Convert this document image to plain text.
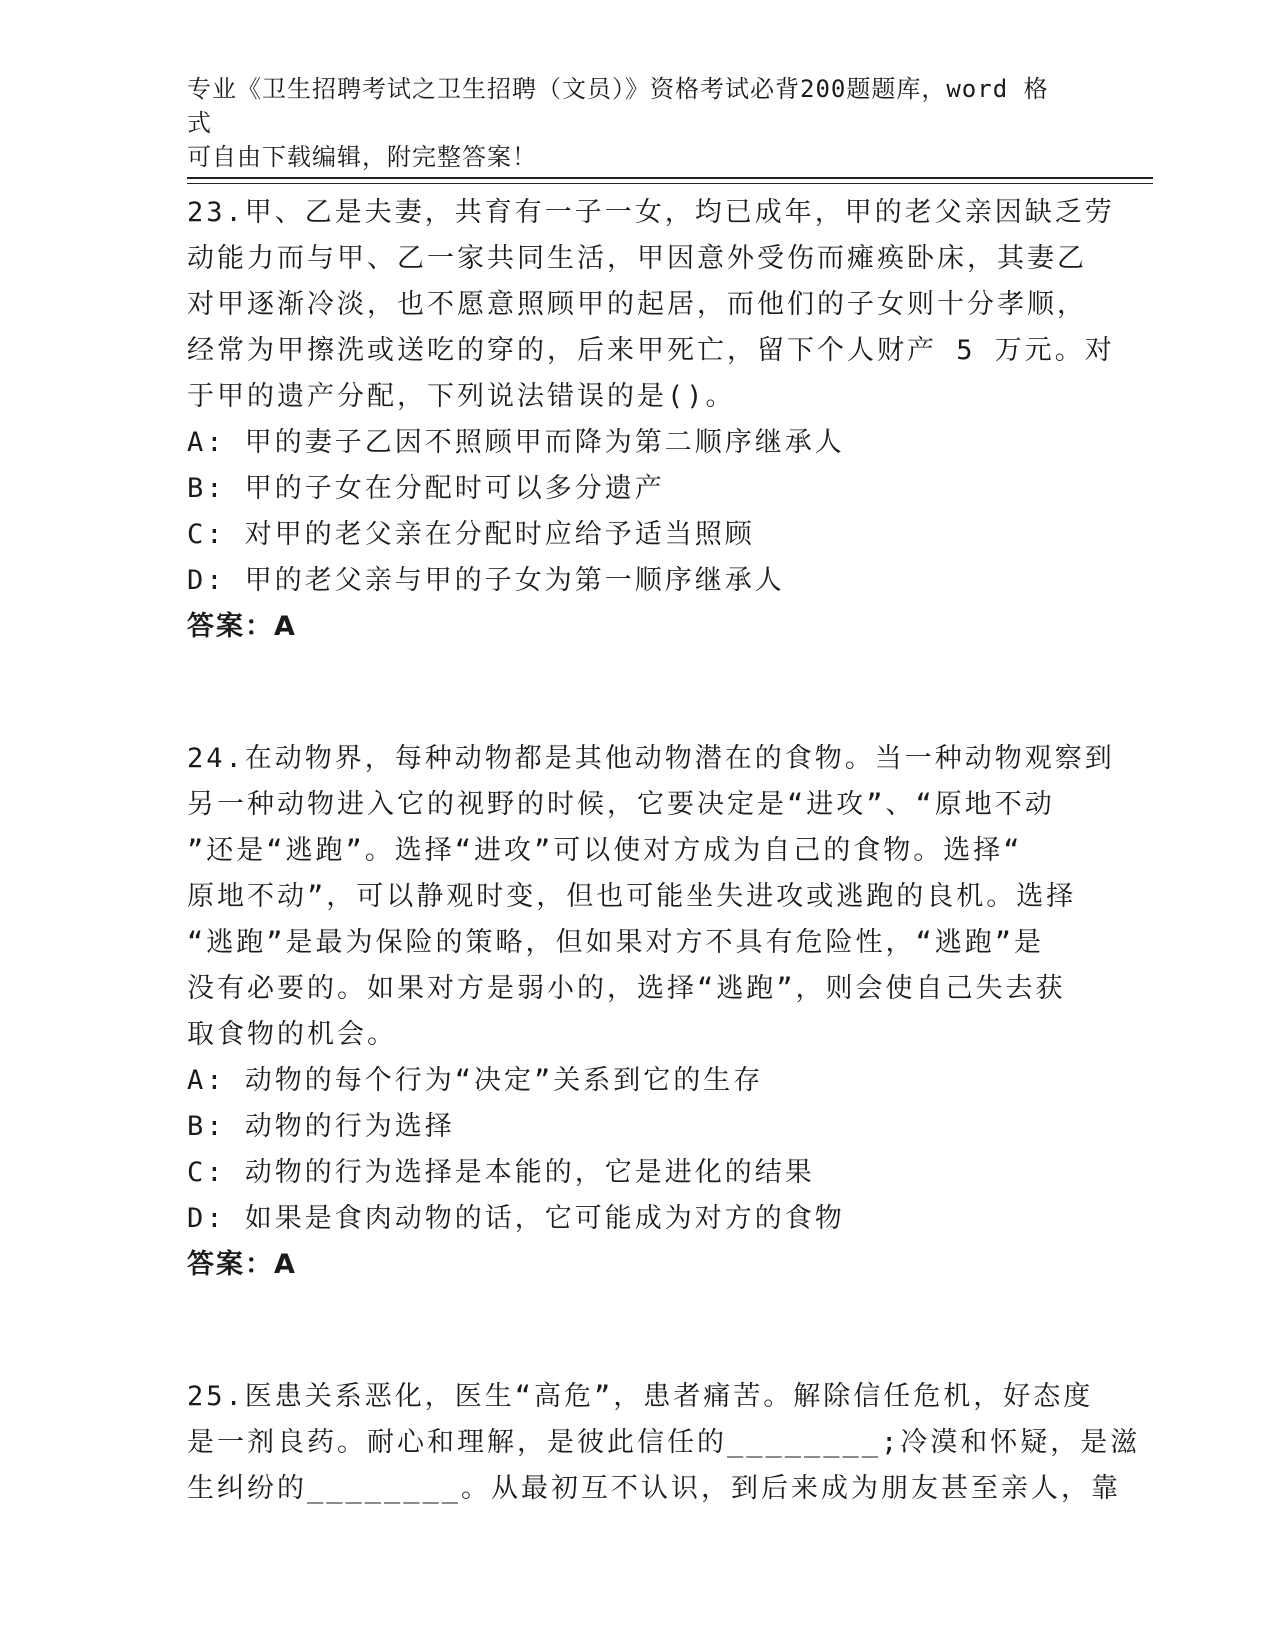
专业《卫生招聘考试之卫生招聘（文员）》资格考试必背200题题库，word 格式
可自由下载编辑，附完整答案！
23.甲、乙是夫妻，共育有一子一女，均已成年，甲的老父亲因缺乏劳
动能力而与甲、乙一家共同生活，甲因意外受伤而瘫痪卧床，其妻乙
对甲逐渐冷淡，也不愿意照顾甲的起居，而他们的子女则十分孝顺，
经常为甲擦洗或送吃的穿的，后来甲死亡，留下个人财产 5 万元。对
于甲的遗产分配，下列说法错误的是()。
A: 甲的妻子乙因不照顾甲而降为第二顺序继承人
B: 甲的子女在分配时可以多分遗产
C: 对甲的老父亲在分配时应给予适当照顾
D: 甲的老父亲与甲的子女为第一顺序继承人
答案：A
24.在动物界，每种动物都是其他动物潜在的食物。当一种动物观察到
另一种动物进入它的视野的时候，它要决定是“进攻”、“原地不动
”还是“逃跑”。选择“进攻”可以使对方成为自己的食物。选择“
原地不动”，可以静观时变，但也可能坐失进攻或逃跑的良机。选择
“逃跑”是最为保险的策略，但如果对方不具有危险性，“逃跑”是
没有必要的。如果对方是弱小的，选择“逃跑”，则会使自己失去获
取食物的机会。
A: 动物的每个行为“决定”关系到它的生存
B: 动物的行为选择
C: 动物的行为选择是本能的，它是进化的结果
D: 如果是食肉动物的话，它可能成为对方的食物
答案：A
25.医患关系恶化，医生“高危”，患者痛苦。解除信任危机，好态度
是一剂良药。耐心和理解，是彼此信任的________;冷漠和怀疑，是滋
生纠纷的________。从最初互不认识，到后来成为朋友甚至亲人，靠
